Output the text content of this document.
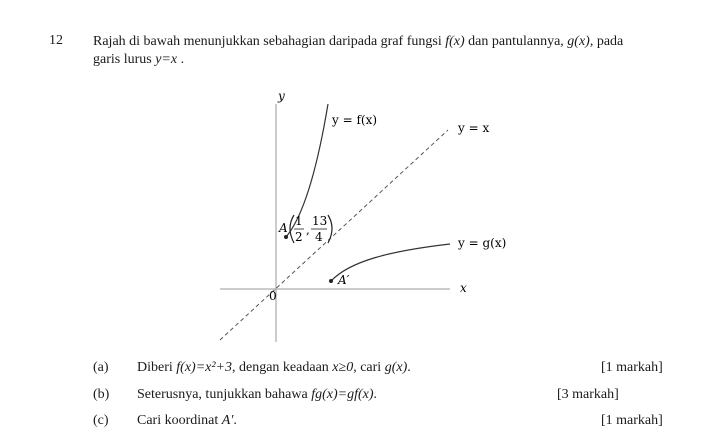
12 Rajah di bawah menunjukkan sebahagian daripada graf fungsi f(x) dan pantulannya, g(x), pada
garis lurus y=x .
y
x
0
y = f(x)
y = x
y = g(x)
A 1
2 ,
13
4
A′
(a) Diberi f(x)=x²+3, dengan keadaan x≥0, cari g(x).	[1 markah]
(b) Seterusnya, tunjukkan bahawa fg(x)=gf(x).	[3 markah]
(c) Cari koordinat A′.	[1 markah]
